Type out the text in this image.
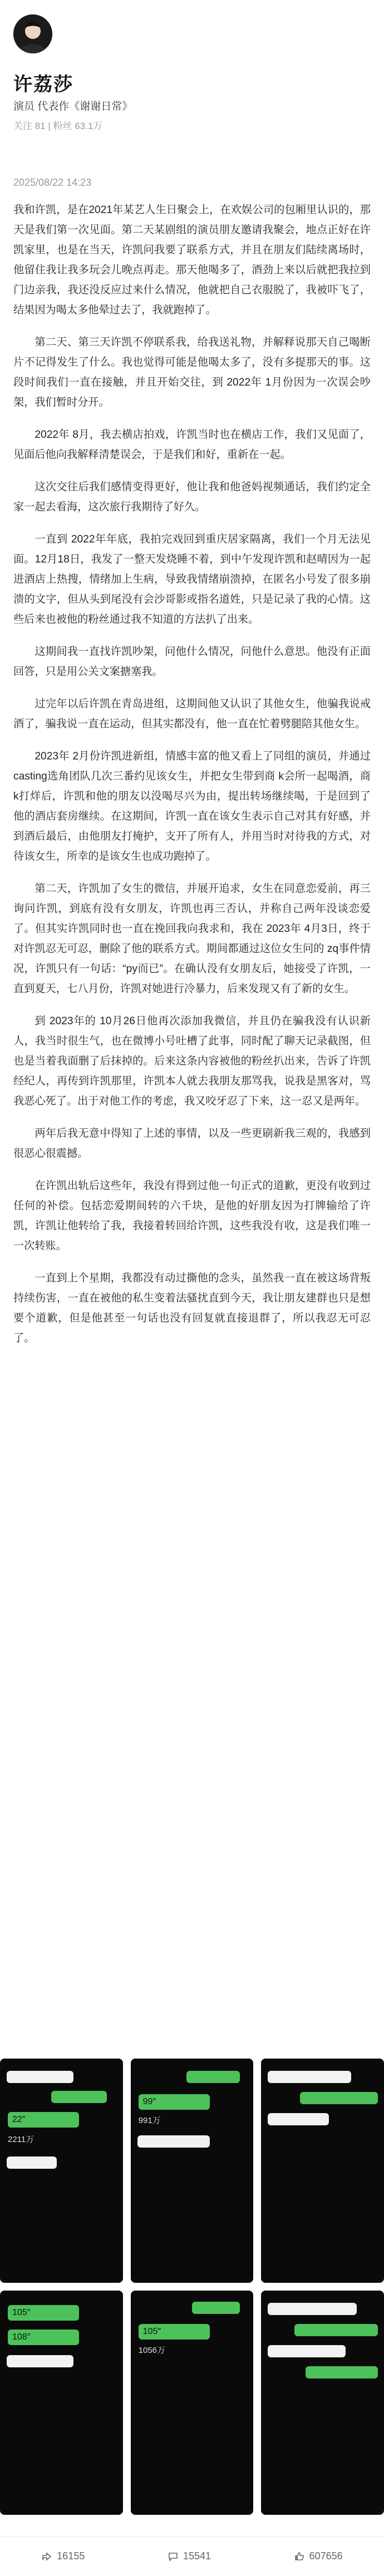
许荔莎
演员 代表作《谢谢日常》
关注 81 | 粉丝 63.1万
2025/08/22 14:23

我和许凯，是在2021年某艺人生日聚会上，在欢娱公司的包厢里认识的，那天是我们第一次见面。第二天某剧组的演员朋友邀请我聚会，地点正好在许凯家里，也是在当天，许凯问我要了联系方式，并且在朋友们陆续离场时，他留住我让我多玩会儿晚点再走。那天他喝多了，酒劲上来以后就把我拉到门边亲我，我还没反应过来什么情况，他就把自己衣服脱了，我被吓飞了，结果因为喝太多他晕过去了，我就跑掉了。

第二天、第三天许凯不停联系我，给我送礼物，并解释说那天自己喝断片不记得发生了什么。我也觉得可能是他喝太多了，没有多提那天的事。这段时间我们一直在接触，并且开始交往，到 2022年 1月份因为一次误会吵架，我们暂时分开。

2022年 8月，我去横店拍戏，许凯当时也在横店工作，我们又见面了，见面后他向我解释清楚误会，于是我们和好，重新在一起。

这次交往后我们感情变得更好，他让我和他爸妈视频通话，我们约定全家一起去看海，这次旅行我期待了好久。

一直到 2022年年底，我拍完戏回到重庆居家隔离，我们一个月无法见面。12月18日，我发了一整天发烧睡不着，到中午发现许凯和赵晴因为一起进酒店上热搜，情绪加上生病，导致我情绪崩溃掉，在匿名小号发了很多崩溃的文字，但从头到尾没有会沙哥影或指名道姓，只是记录了我的心情。这些后来也被他的粉丝通过我不知道的方法扒了出来。

这期间我一直找许凯吵架，问他什么情况，问他什么意思。他没有正面回答，只是用公关文案搪塞我。

过完年以后许凯在青岛进组，这期间他又认识了其他女生，他骗我说戒酒了，骗我说一直在运动，但其实都没有，他一直在忙着劈腿陪其他女生。

2023年 2月份许凯进新组，情感丰富的他又看上了同组的演员，并通过 casting选角团队几次三番约见该女生，并把女生带到商 k会所一起喝酒，商 k打烊后，许凯和他的朋友以没喝尽兴为由，提出转场继续喝，于是回到了他的酒店套房继续。在这期间，许凯一直在该女生表示自己对其有好感，并到酒后最后，由他朋友打掩护，支开了所有人，并用当时对待我的方式，对待该女生，所幸的是该女生也成功跑掉了。

第二天，许凯加了女生的微信，并展开追求，女生在同意恋爱前，再三询问许凯，到底有没有女朋友，许凯也再三否认，并称自己两年没谈恋爱了。但其实许凯同时也一直在挽回我向我求和，我在 2023年 4月3日，终于对许凯忍无可忍，删除了他的联系方式。期间都通过这位女生问的 zq事件情况，许凯只有一句话：“py而已”。在确认没有女朋友后，她接受了许凯，一直到夏天，七八月份，许凯对她进行冷暴力，后来发现又有了新的女生。

到 2023年的 10月26日他再次添加我微信，并且仍在骗我没有认识新人，我当时很生气，也在微博小号吐槽了此事，同时配了聊天记录截图，但也是当着我面删了后抹掉的。后来这条内容被他的粉丝扒出来，告诉了许凯经纪人，再传到许凯那里，许凯本人就去我朋友那骂我，说我是黑客对，骂我恶心死了。出于对他工作的考虑，我又咬牙忍了下来，这一忍又是两年。

两年后我无意中得知了上述的事情，以及一些更刷新我三观的，我感到很恶心很震撼。

在许凯出轨后这些年，我没有得到过他一句正式的道歉，更没有收到过任何的补偿。包括恋爱期间转的六千块，是他的好朋友因为打牌输给了许凯，许凯让他转给了我，我接着转回给许凯，这些我没有收，这是我们唯一一次转账。

一直到上个星期，我都没有动过撕他的念头，虽然我一直在被这场背叛持续伤害，一直在被他的私生变着法骚扰直到今天，我让朋友建群也只是想要个道歉，但是他甚至一句话也没有回复就直接退群了，所以我忍无可忍了。

22″
2211万
99″
991万
105″
108″
105″
1056万
16155	15541	607656
